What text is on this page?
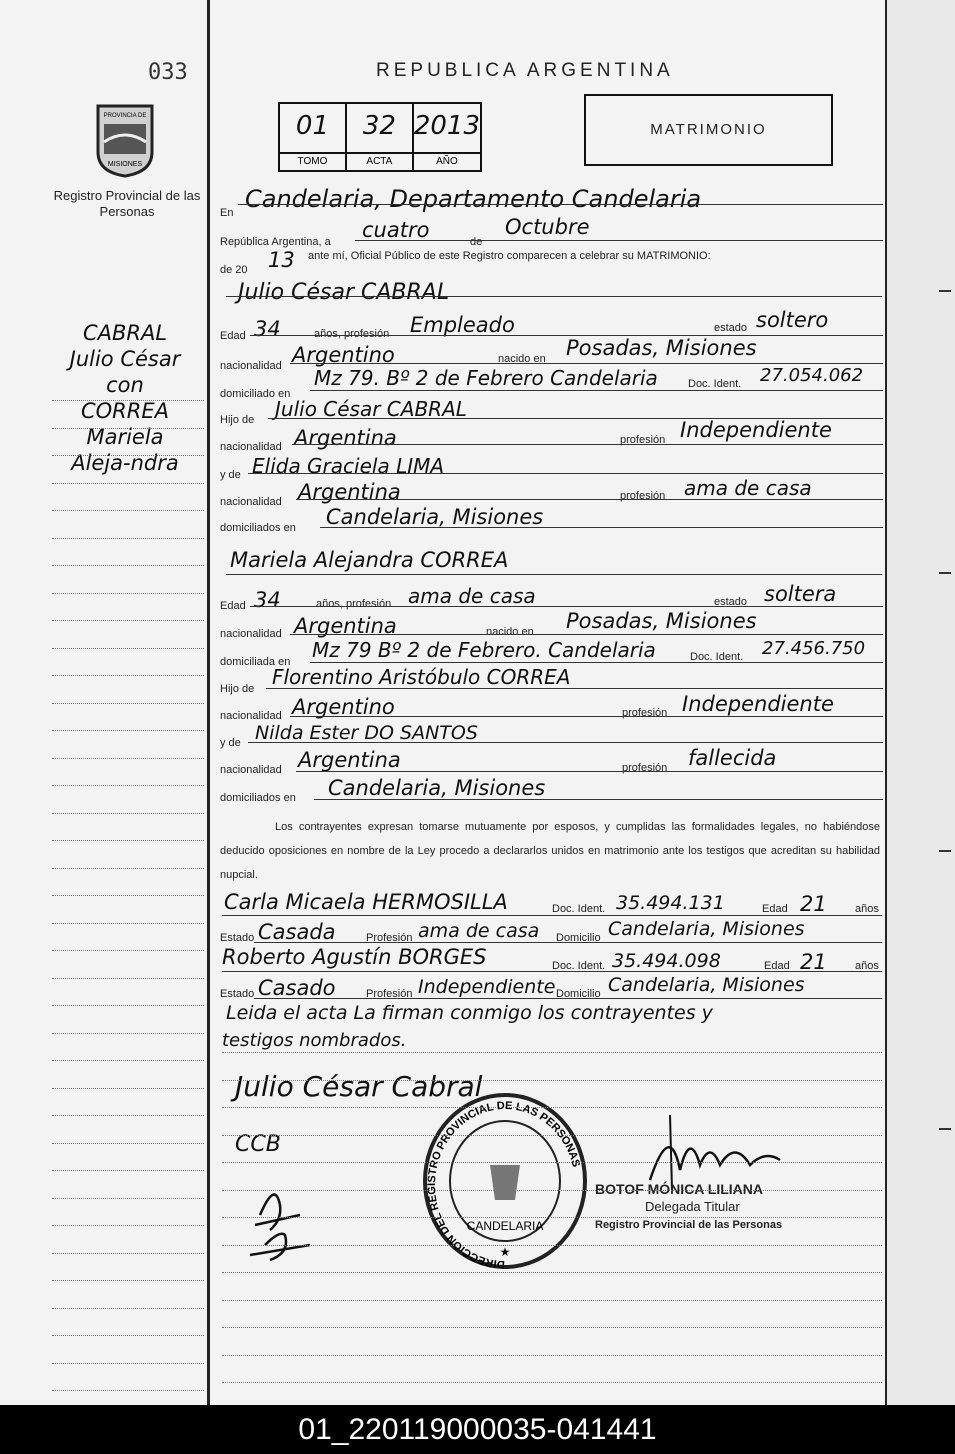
033	REPUBLICA ARGENTINA
PROVINCIA DE
MISIONES
Registro Provincial de las Personas
01
TOMO
32
ACTA
2013
AÑO
MATRIMONIO
CABRAL
Julio César
con
CORREA
Mariela
Aleja-ndra
En Candelaria, Departamento Candelaria
República Argentina, a cuatro	de
Octubre
de 20 13 ante mí, Oficial Público de este Registro comparecen a celebrar su MATRIMONIO:
Julio César CABRAL
Edad 34	años, profesión Empleado	estado soltero
nacionalidad Argentino	nacido en Posadas, Misiones
domiciliado en
Mz 79. Bº 2 de Febrero Candelaria	Doc. Ident. 27.054.062
Hijo de Julio César CABRAL
nacionalidad Argentina	profesión Independiente
y de Elida Graciela LIMA
nacionalidad Argentina	profesión ama de casa
domiciliados en Candelaria, Misiones
Mariela Alejandra CORREA
Edad 34	años, profesión ama de casa	estado soltera
nacionalidad Argentina	nacido en Posadas, Misiones
domiciliada en Mz 79 Bº 2 de Febrero. Candelaria	Doc. Ident. 27.456.750
Hijo de Florentino Aristóbulo CORREA
nacionalidad Argentino	profesión Independiente
y de Nilda Ester DO SANTOS
nacionalidad Argentina	profesión fallecida
domiciliados en Candelaria, Misiones
Los contrayentes expresan tomarse mutuamente por esposos, y cumplidas las formalidades legales, no habiéndose deducido oposiciones en nombre de la Ley procedo a declararlos unidos en matrimonio ante los testigos que acreditan su habilidad nupcial.
Carla Micaela HERMOSILLA	Doc. Ident. 35.494.131	Edad 21	años
Estado Casada	Profesión ama de casa Domicilio Candelaria, Misiones
Roberto Agustín BORGES	Doc. Ident. 35.494.098	Edad 21	años
Estado Casado	Profesión Independiente Domicilio Candelaria, Misiones
Leida el acta La firman conmigo los contrayentes y
testigos nombrados.
Julio César Cabral
CCB
CANDELARIA
DIRECCION DEL REGISTRO PROVINCIAL DE LAS PERSONAS
★
BOTOF MÓNICA LILIANA
Delegada Titular
Registro Provincial de las Personas
01_220119000035-041441
